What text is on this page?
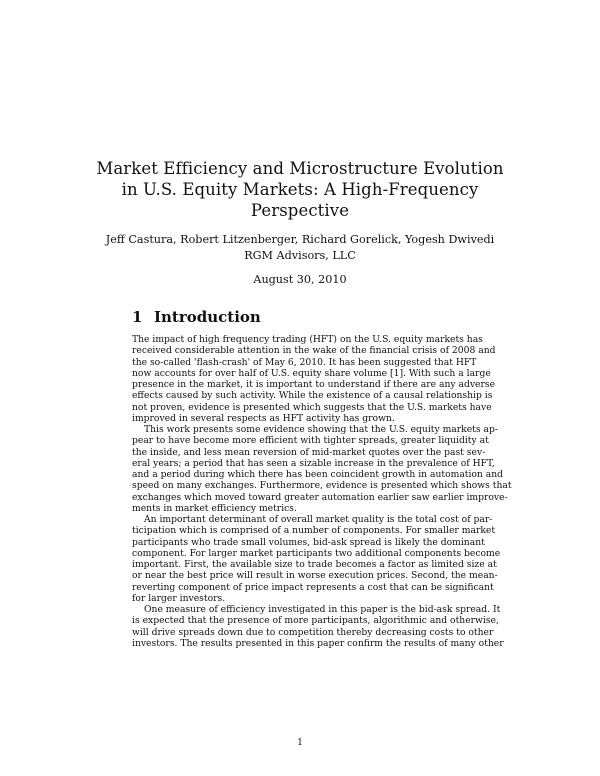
Market Efficiency and Microstructure Evolution
in U.S. Equity Markets: A High-Frequency
Perspective
Jeff Castura, Robert Litzenberger, Richard Gorelick, Yogesh Dwivedi
RGM Advisors, LLC
August 30, 2010
1 Introduction
The impact of high frequency trading (HFT) on the U.S. equity markets has
received considerable attention in the wake of the financial crisis of 2008 and
the so-called 'flash-crash' of May 6, 2010. It has been suggested that HFT
now accounts for over half of U.S. equity share volume [1]. With such a large
presence in the market, it is important to understand if there are any adverse
effects caused by such activity. While the existence of a causal relationship is
not proven, evidence is presented which suggests that the U.S. markets have
improved in several respects as HFT activity has grown.
This work presents some evidence showing that the U.S. equity markets ap-
pear to have become more efficient with tighter spreads, greater liquidity at
the inside, and less mean reversion of mid-market quotes over the past sev-
eral years; a period that has seen a sizable increase in the prevalence of HFT,
and a period during which there has been coincident growth in automation and
speed on many exchanges. Furthermore, evidence is presented which shows that
exchanges which moved toward greater automation earlier saw earlier improve-
ments in market efficiency metrics.
An important determinant of overall market quality is the total cost of par-
ticipation which is comprised of a number of components. For smaller market
participants who trade small volumes, bid-ask spread is likely the dominant
component. For larger market participants two additional components become
important. First, the available size to trade becomes a factor as limited size at
or near the best price will result in worse execution prices. Second, the mean-
reverting component of price impact represents a cost that can be significant
for larger investors.
One measure of efficiency investigated in this paper is the bid-ask spread. It
is expected that the presence of more participants, algorithmic and otherwise,
will drive spreads down due to competition thereby decreasing costs to other
investors. The results presented in this paper confirm the results of many other
1
